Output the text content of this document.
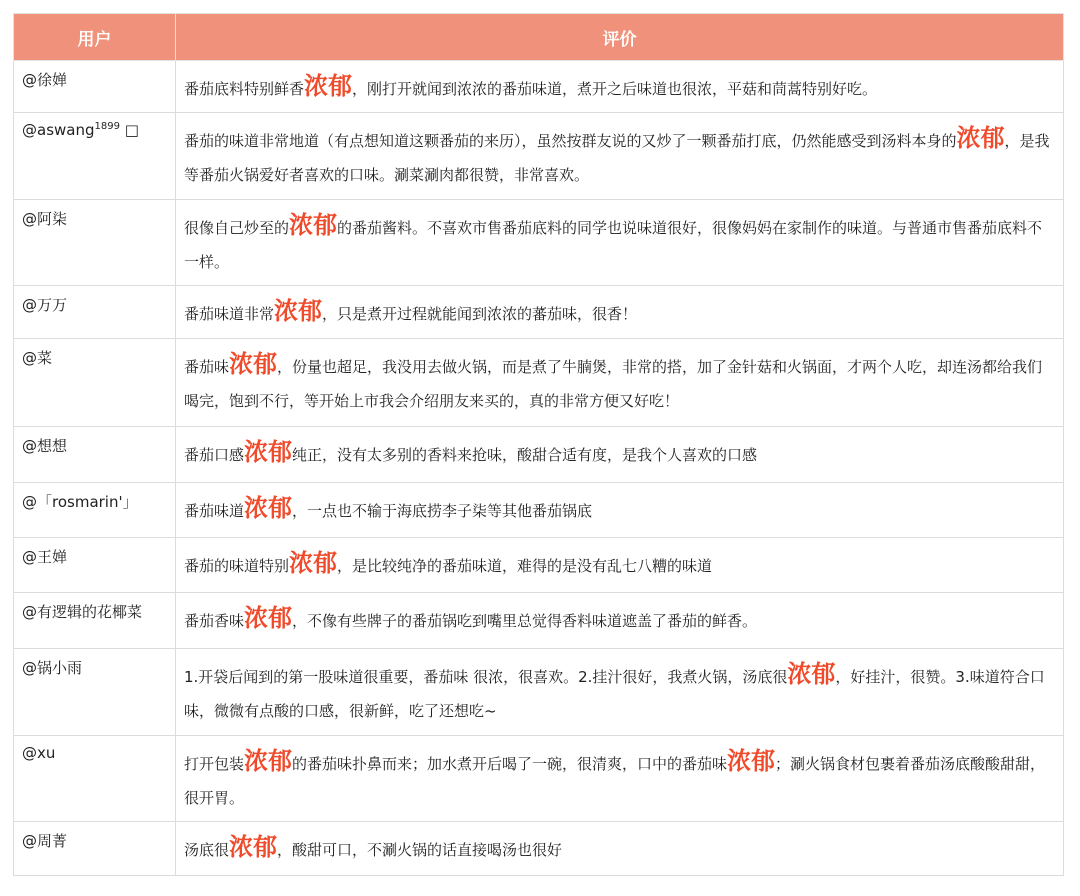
用户	评价
@徐婵	番茄底料特别鲜香浓郁，刚打开就闻到浓浓的番茄味道，煮开之后味道也很浓，平菇和茼蒿特别好吃。
@aswang$^{1899}$ □	番茄的味道非常地道（有点想知道这颗番茄的来历），虽然按群友说的又炒了一颗番茄打底，仍然能感受到汤料本身的浓郁，是我等番茄火锅爱好者喜欢的口味。涮菜涮肉都很赞，非常喜欢。
@阿柒	很像自己炒至的浓郁的番茄酱料。不喜欢市售番茄底料的同学也说味道很好，很像妈妈在家制作的味道。与普通市售番茄底料不一样。
@万万	番茄味道非常浓郁，只是煮开过程就能闻到浓浓的蕃茄味，很香！
@菜	番茄味浓郁，份量也超足，我没用去做火锅，而是煮了牛腩煲，非常的搭，加了金针菇和火锅面，才两个人吃，却连汤都给我们喝完，饱到不行，等开始上市我会介绍朋友来买的，真的非常方便又好吃！
@想想	番茄口感浓郁纯正，没有太多别的香料来抢味，酸甜合适有度，是我个人喜欢的口感
@「rosmarin'」	番茄味道浓郁，一点也不输于海底捞李子柒等其他番茄锅底
@王婵	番茄的味道特别浓郁，是比较纯净的番茄味道，难得的是没有乱七八糟的味道
@有逻辑的花椰菜	番茄香味浓郁，不像有些牌子的番茄锅吃到嘴里总觉得香料味道遮盖了番茄的鲜香。
@锅小雨	1.开袋后闻到的第一股味道很重要，番茄味 很浓，很喜欢。2.挂汁很好，我煮火锅，汤底很浓郁，好挂汁，很赞。3.味道符合口味，微微有点酸的口感，很新鲜，吃了还想吃~
@xu	打开包装浓郁的番茄味扑鼻而来；加水煮开后喝了一碗，很清爽，口中的番茄味浓郁；涮火锅食材包裹着番茄汤底酸酸甜甜，很开胃。
@周菁	汤底很浓郁，酸甜可口，不涮火锅的话直接喝汤也很好
